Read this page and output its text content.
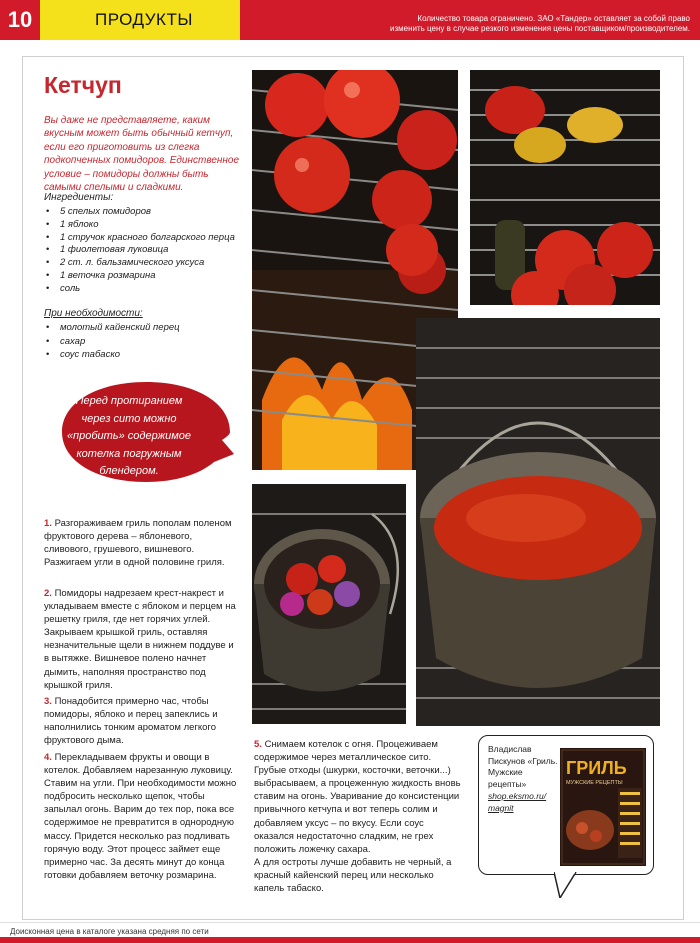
10	ПРОДУКТЫ	Количество товара ограничено. ЗАО «Тандер» оставляет за собой право
изменить цену в случае резкого изменения цены поставщиком/производителем.
Кетчуп

Вы даже не представляете, каким вкусным может быть обычный кетчуп, если его приготовить из слегка подкопченных помидоров. Единственное условие – помидоры должны быть самыми спелыми и сладкими.

Ингредиенты:
• 5 спелых помидоров
• 1 яблоко
• 1 стручок красного болгарского перца
• 1 фиолетовая луковица
• 2 ст. л. бальзамического уксуса
• 1 веточка розмарина
• соль
При необходимости:
• молотый кайенский перец
• сахар
• соус табаско
Перед протиранием через сито можно «пробить» содержимое котелка погружным блендером.
1. Разгораживаем гриль пополам поленом фруктового дерева – яблоневого, сливового, грушевого, вишневого. Разжигаем угли в одной половине гриля.
2. Помидоры надрезаем крест-накрест и укладываем вместе с яблоком и перцем на решетку гриля, где нет горячих углей. Закрываем крышкой гриль, оставляя незначительные щели в нижнем поддуве и в вытяжке. Вишневое полено начнет дымить, наполняя пространство под крышкой гриля.
3. Понадобится примерно час, чтобы помидоры, яблоко и перец запеклись и наполнились тонким ароматом легкого фруктового дыма.
4. Перекладываем фрукты и овощи в котелок. Добавляем нарезанную луковицу. Ставим на угли. При необходимости можно подбросить несколько щепок, чтобы запылал огонь. Варим до тех пор, пока все содержимое не превратится в однородную массу. Придется несколько раз подливать горячую воду. Этот процесс займет еще примерно час. За десять минут до конца готовки добавляем веточку розмарина.
5. Снимаем котелок с огня. Процеживаем содержимое через металлическое сито. Грубые отходы (шкурки, косточки, веточки...) выбрасываем, а процеженную жидкость вновь ставим на огонь. Уваривание до консистенции привычного кетчупа и вот теперь солим и добавляем уксус – по вкусу. Если соус оказался недостаточно сладким, не грех положить ложечку сахара.
А для остроты лучше добавить не черный, а красный кайенский перец или несколько капель табаско.
Владислав Пискунов «Гриль. Мужские рецепты»
shop.eksmo.ru/ magnit
ГРИЛЬ
МУЖСКИЕ РЕЦЕПТЫ
Доисконная цена в каталоге указана средняя по сети
